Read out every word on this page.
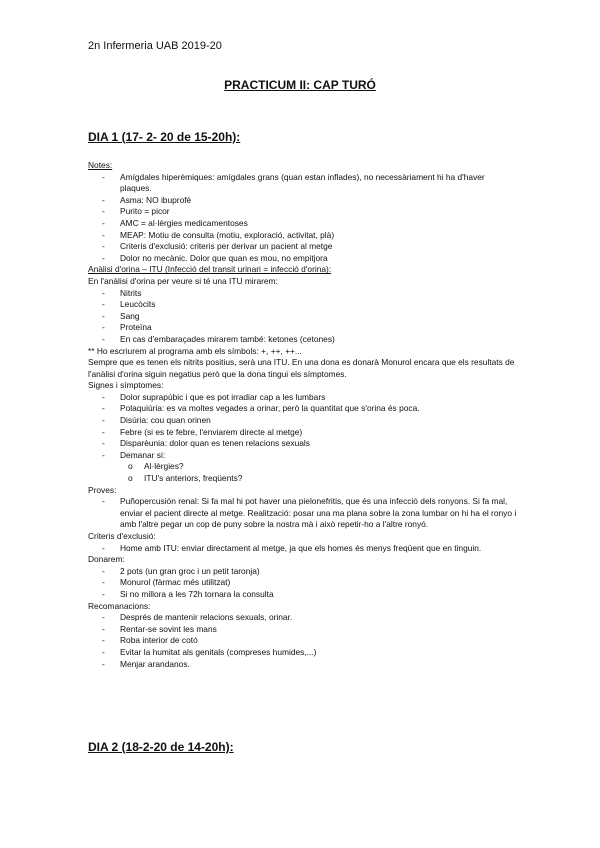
2n Infermeria UAB 2019-20
PRACTICUM II: CAP TURÓ
DIA 1 (17- 2- 20 de 15-20h):

Notes:

- Amígdales hiperèmiques: amígdales grans (quan estan inflades), no necessàriament hi ha d'haver plaques.
- Asma: NO ibuprofè
- Purito = picor
- AMC = al·lèrgies medicamentoses
- MEAP: Motiu de consulta (motiu, exploració, activitat, plà)
- Criteris d'exclusió: criteris per derivar un pacient al metge
- Dolor no mecànic. Dolor que quan es mou, no empitjora

Anàlisi d'orina – ITU (Infecció del transit urinari = infecció d'orina):

En l'anàlisi d'orina per veure si té una ITU mirarem:

- Nitrits
- Leucòcits
- Sang
- Proteïna
- En cas d'embaraçades mirarem també: ketones (cetones)

** Ho escriurem al programa amb els símbols: +, ++, ++...

Sempre que es tenen els nitrits positius, serà una ITU. En una dona es donarà Monurol encara que els resultats de l'anàlisi d'orina siguin negatius però que la dona tingui els símptomes.

Signes i símptomes:

- Dolor suprapúbic i que es pot irradiar cap a les lumbars
- Polaquiúria: es va moltes vegades a orinar, però la quantitat que s'orina és poca.
- Disúria: cou quan orinen
- Febre (si es te febre, l'enviarem directe al metge)
- Disparèunia: dolor quan es tenen relacions sexuals
- Demanar si:
o Al·lèrgies?
o ITU's anteriors, freqüents?

Proves:

- Puñopercusión renal: Si fa mal hi pot haver una pielonefritis, que és una infecció dels ronyons. Si fa mal, enviar el pacient directe al metge. Realització: posar una ma plana sobre la zona lumbar on hi ha el ronyo i amb l'altre pegar un cop de puny sobre la nostra mà i això repetir-ho a l'altre ronyó.

Criteris d'exclusió:

- Home amb ITU: enviar directament al metge, ja que els homes és menys freqüent que en tinguin.

Donarem:

- 2 pots (un gran groc i un petit taronja)
- Monurol (fàrmac més utilitzat)
- Si no millora a les 72h tornara la consulta

Recomanacions:

- Després de mantenir relacions sexuals, orinar.
- Rentar-se sovint les mans
- Roba interior de cotó
- Evitar la humitat als genitals (compreses humides,...)
- Menjar arandanos.
DIA 2 (18-2-20 de 14-20h):
